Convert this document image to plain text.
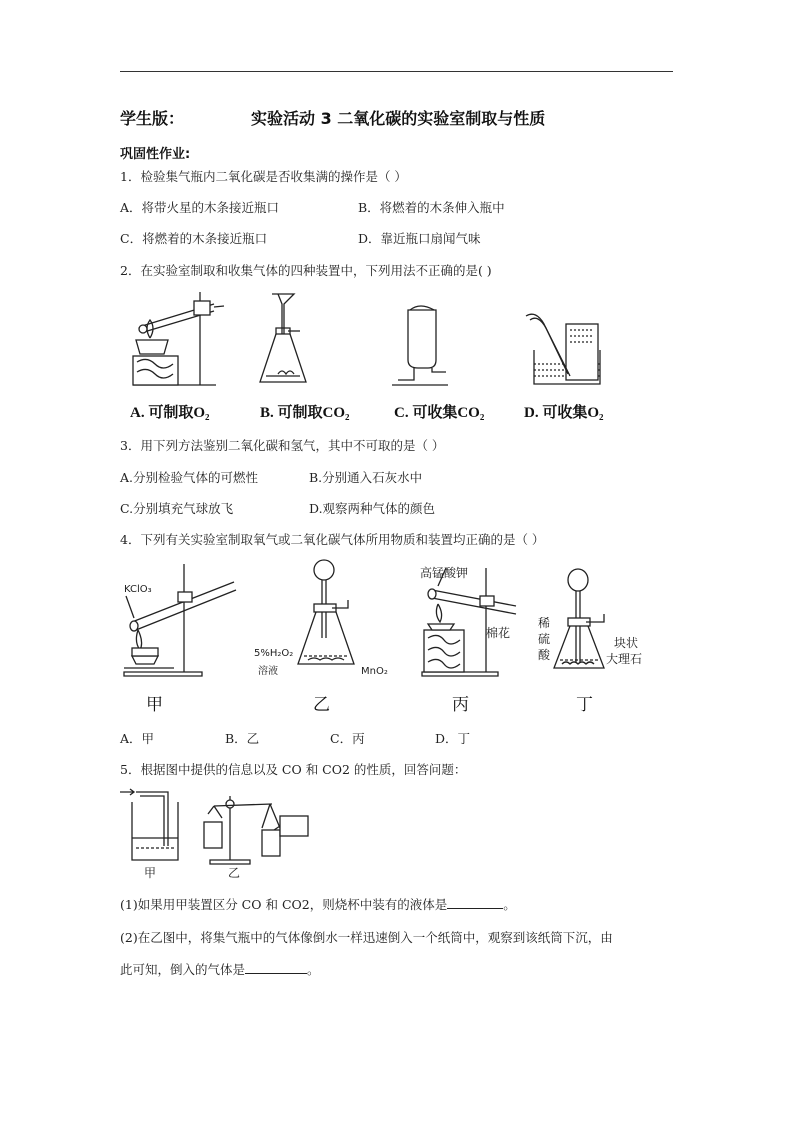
学生版：	实验活动 3 二氧化碳的实验室制取与性质
巩固性作业:
1．检验集气瓶内二氧化碳是否收集满的操作是（ ）
A．将带火星的木条接近瓶口	B．将燃着的木条伸入瓶中
C．将燃着的木条接近瓶口	D．靠近瓶口扇闻气味
2．在实验室制取和收集气体的四种装置中，下列用法不正确的是( )
A. 可制取O₂	B. 可制取CO₂	C. 可收集CO₂	D. 可收集O₂
3．用下列方法鉴别二氧化碳和氢气，其中不可取的是（ ）
A.分别检验气体的可燃性	B.分别通入石灰水中
C.分别填充气球放飞	D.观察两种气体的颜色
4．下列有关实验室制取氧气或二氧化碳气体所用物质和装置均正确的是（ ）
KClO₃
5%H₂O₂
溶液	MnO₂
高锰酸钾
棉花
稀
硫
酸
块状
大理石
甲	乙	丙	丁
A．甲	B．乙	C．丙	D．丁
5．根据图中提供的信息以及 CO 和 CO2 的性质，回答问题：
甲	乙
(1)如果用甲装置区分 CO 和 CO2，则烧杯中装有的液体是	。
(2)在乙图中，将集气瓶中的气体像倒水一样迅速倒入一个纸筒中，观察到该纸筒下沉，由
此可知，倒入的气体是	。
